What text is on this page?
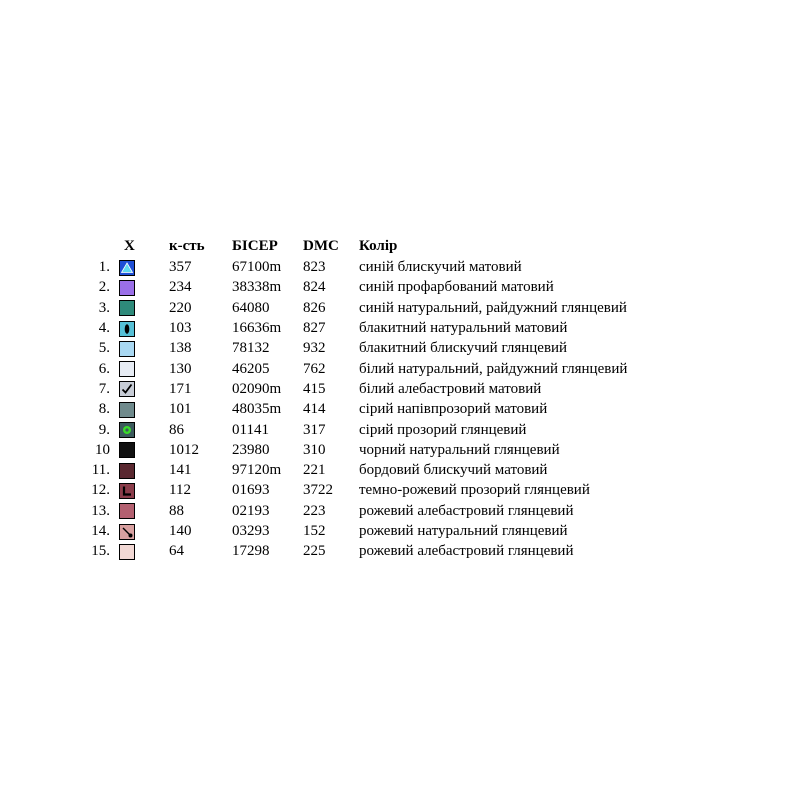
	X	к-сть	БІСЕР	DMC	Колір
1.		357	67100m	823	синій блискучий матовий
2.		234	38338m	824	синій профарбований матовий
3.		220	64080	826	синій натуральний, райдужний глянцевий
4.		103	16636m	827	блакитний натуральний матовий
5.		138	78132	932	блакитний блискучий глянцевий
6.		130	46205	762	білий натуральний, райдужний глянцевий
7.		171	02090m	415	білий алебастровий матовий
8.		101	48035m	414	сірий напівпрозорий матовий
9.		86	01141	317	сірий прозорий глянцевий
10		1012	23980	310	чорний натуральний глянцевий
11.		141	97120m	221	бордовий блискучий матовий
12.		112	01693	3722	темно-рожевий прозорий глянцевий
13.		88	02193	223	рожевий алебастровий глянцевий
14.		140	03293	152	рожевий натуральний глянцевий
15.		64	17298	225	рожевий алебастровий глянцевий
